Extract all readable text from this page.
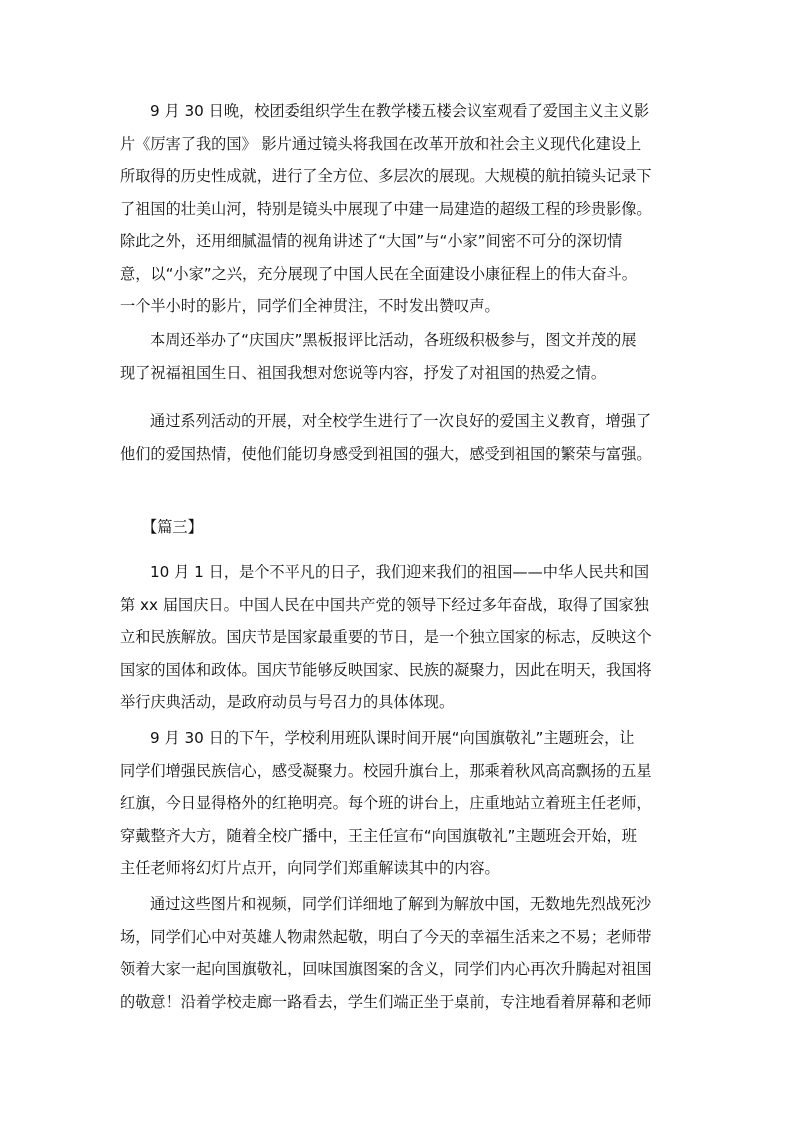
9 月 30 日晚，校团委组织学生在教学楼五楼会议室观看了爱国主义主义影
片《厉害了我的国》 影片通过镜头将我国在改革开放和社会主义现代化建设上
所取得的历史性成就，进行了全方位、多层次的展现。大规模的航拍镜头记录下
了祖国的壮美山河，特别是镜头中展现了中建一局建造的超级工程的珍贵影像。
除此之外，还用细腻温情的视角讲述了“大国”与“小家”间密不可分的深切情
意，以“小家”之兴，充分展现了中国人民在全面建设小康征程上的伟大奋斗。
一个半小时的影片，同学们全神贯注，不时发出赞叹声。
本周还举办了“庆国庆”黑板报评比活动，各班级积极参与，图文并茂的展
现了祝福祖国生日、祖国我想对您说等内容，抒发了对祖国的热爱之情。
通过系列活动的开展，对全校学生进行了一次良好的爱国主义教育，增强了
他们的爱国热情，使他们能切身感受到祖国的强大，感受到祖国的繁荣与富强。
【篇三】
10 月 1 日，是个不平凡的日子，我们迎来我们的祖国——中华人民共和国
第 xx 届国庆日。中国人民在中国共产党的领导下经过多年奋战，取得了国家独
立和民族解放。国庆节是国家最重要的节日，是一个独立国家的标志，反映这个
国家的国体和政体。国庆节能够反映国家、民族的凝聚力，因此在明天，我国将
举行庆典活动，是政府动员与号召力的具体体现。
9 月 30 日的下午，学校利用班队课时间开展“向国旗敬礼”主题班会，让
同学们增强民族信心，感受凝聚力。校园升旗台上，那乘着秋风高高飘扬的五星
红旗，今日显得格外的红艳明亮。每个班的讲台上，庄重地站立着班主任老师，
穿戴整齐大方，随着全校广播中，王主任宣布“向国旗敬礼”主题班会开始，班
主任老师将幻灯片点开，向同学们郑重解读其中的内容。
通过这些图片和视频，同学们详细地了解到为解放中国，无数地先烈战死沙
场，同学们心中对英雄人物肃然起敬，明白了今天的幸福生活来之不易；老师带
领着大家一起向国旗敬礼，回味国旗图案的含义，同学们内心再次升腾起对祖国
的敬意！沿着学校走廊一路看去，学生们端正坐于桌前，专注地看着屏幕和老师
